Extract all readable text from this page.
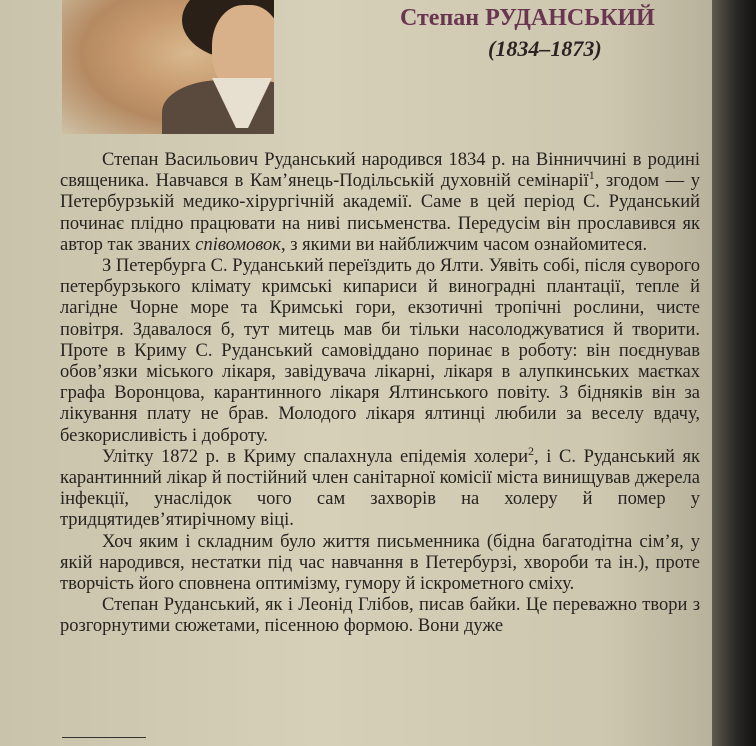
Степан РУДАНСЬКИЙ
(1834–1873)

Степан Васильович Руданський народився 1834 р. на Вінниччині в родині священика. Навчався в Кам’янець-Подільській духовній семінарії$^1$, згодом — у Петербурзькій медико-хірургічній академії. Саме в цей період С. Руданський починає плідно працювати на ниві письменства. Передусім він прославився як автор так званих співомовок, з якими ви найближчим часом ознайомитеся.

З Петербурга С. Руданський переїздить до Ялти. Уявіть собі, після суворого петербурзького клімату кримські кипариси й виноградні плантації, тепле й лагідне Чорне море та Кримські гори, екзотичні тропічні рослини, чисте повітря. Здавалося б, тут митець мав би тільки насолоджуватися й творити. Проте в Криму С. Руданський самовіддано поринає в роботу: він поєднував обов’язки міського лікаря, завідувача лікарні, лікаря в алупкинських маєтках графа Воронцова, карантинного лікаря Ялтинського повіту. З бідняків він за лікування плату не брав. Молодого лікаря ялтинці любили за веселу вдачу, безкорисливість і доброту.

Улітку 1872 р. в Криму спалахнула епідемія холери$^2$, і С. Руданський як карантинний лікар й постійний член санітарної комісії міста винищував джерела інфекції, унаслідок чого сам захворів на холеру й помер у тридцятидев’ятирічному віці.

Хоч яким і складним було життя письменника (бідна багатодітна сім’я, у якій народився, нестатки під час навчання в Петербурзі, хвороби та ін.), проте творчість його сповнена оптимізму, гумору й іскрометного сміху.

Степан Руданський, як і Леонід Глібов, писав байки. Це переважно твори з розгорнутими сюжетами, пісенною формою. Вони дуже
